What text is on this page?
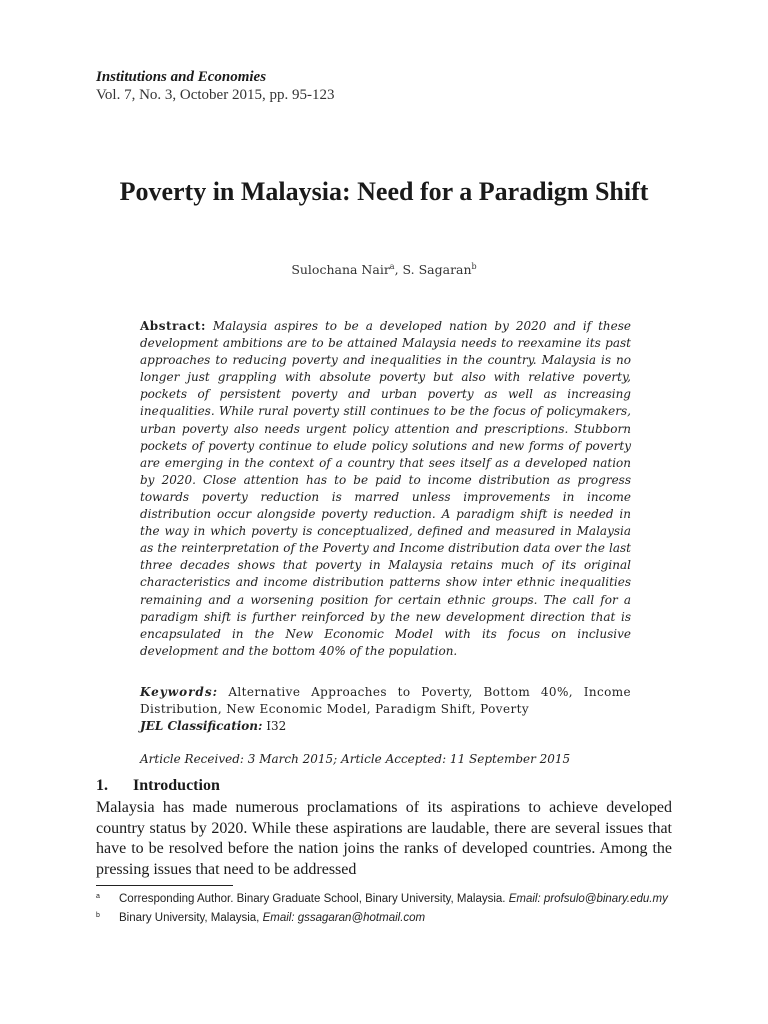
Institutions and Economies
Vol. 7, No. 3, October 2015, pp. 95-123
Poverty in Malaysia: Need for a Paradigm Shift
Sulochana Nair$^a$, S. Sagaran$^b$

Abstract: Malaysia aspires to be a developed nation by 2020 and if these development ambitions are to be attained Malaysia needs to reexamine its past approaches to reducing poverty and inequalities in the country. Malaysia is no longer just grappling with absolute poverty but also with relative poverty, pockets of persistent poverty and urban poverty as well as increasing inequalities. While rural poverty still continues to be the focus of policymakers, urban poverty also needs urgent policy attention and prescriptions. Stubborn pockets of poverty continue to elude policy solutions and new forms of poverty are emerging in the context of a country that sees itself as a developed nation by 2020. Close attention has to be paid to income distribution as progress towards poverty reduction is marred unless improvements in income distribution occur alongside poverty reduction. A paradigm shift is needed in the way in which poverty is conceptualized, defined and measured in Malaysia as the reinterpretation of the Poverty and Income distribution data over the last three decades shows that poverty in Malaysia retains much of its original characteristics and income distribution patterns show inter ethnic inequalities remaining and a worsening position for certain ethnic groups. The call for a paradigm shift is further reinforced by the new development direction that is encapsulated in the New Economic Model with its focus on inclusive development and the bottom 40% of the population.

Keywords: Alternative Approaches to Poverty, Bottom 40%, Income Distribution, New Economic Model, Paradigm Shift, Poverty

JEL Classification: I32
Article Received: 3 March 2015; Article Accepted: 11 September 2015
1. Introduction

Malaysia has made numerous proclamations of its aspirations to achieve developed country status by 2020. While these aspirations are laudable, there are several issues that have to be resolved before the nation joins the ranks of developed countries. Among the pressing issues that need to be addressed

a Corresponding Author. Binary Graduate School, Binary University, Malaysia. Email: profsulo@binary.edu.my
b Binary University, Malaysia, Email: gssagaran@hotmail.com
